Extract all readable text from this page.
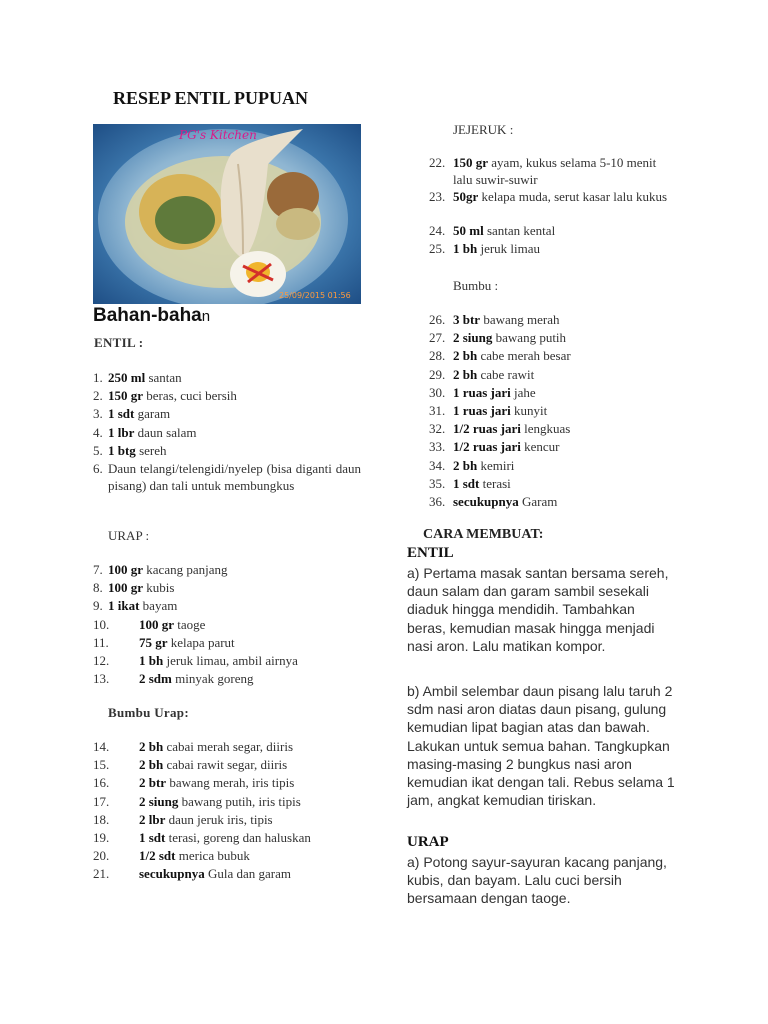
RESEP ENTIL PUPUAN
PG's Kitchen
25/09/2015 01:56
Bahan-bahan
ENTIL :
1. 250 ml santan
2. 150 gr beras, cuci bersih
3. 1 sdt garam
4. 1 lbr daun salam
5. 1 btg sereh
6. Daun telangi/telengidi/nyelep (bisa diganti daun pisang) dan tali untuk membungkus
URAP :
7. 100 gr kacang panjang
8. 100 gr kubis
9. 1 ikat bayam
10. 100 gr taoge
11. 75 gr kelapa parut
12. 1 bh jeruk limau, ambil airnya
13. 2 sdm minyak goreng
Bumbu Urap:
14. 2 bh cabai merah segar, diiris
15. 2 bh cabai rawit segar, diiris
16. 2 btr bawang merah, iris tipis
17. 2 siung bawang putih, iris tipis
18. 2 lbr daun jeruk iris, tipis
19. 1 sdt terasi, goreng dan haluskan
20. 1/2 sdt merica bubuk
21. secukupnya Gula dan garam
JEJERUK :
22. 150 gr ayam, kukus selama 5-10 menit lalu suwir-suwir
23. 50gr kelapa muda, serut kasar lalu kukus
24. 50 ml santan kental
25. 1 bh jeruk limau
Bumbu :
26. 3 btr bawang merah
27. 2 siung bawang putih
28. 2 bh cabe merah besar
29. 2 bh cabe rawit
30. 1 ruas jari jahe
31. 1 ruas jari kunyit
32. 1/2 ruas jari lengkuas
33. 1/2 ruas jari kencur
34. 2 bh kemiri
35. 1 sdt terasi
36. secukupnya Garam
CARA MEMBUAT:
ENTIL
a) Pertama masak santan bersama sereh, daun salam dan garam sambil sesekali diaduk hingga mendidih. Tambahkan beras, kemudian masak hingga menjadi nasi aron. Lalu matikan kompor.
b) Ambil selembar daun pisang lalu taruh 2 sdm nasi aron diatas daun pisang, gulung kemudian lipat bagian atas dan bawah. Lakukan untuk semua bahan. Tangkupkan masing-masing 2 bungkus nasi aron kemudian ikat dengan tali. Rebus selama 1 jam, angkat kemudian tiriskan.
URAP
a) Potong sayur-sayuran kacang panjang, kubis, dan bayam. Lalu cuci bersih bersamaan dengan taoge.
